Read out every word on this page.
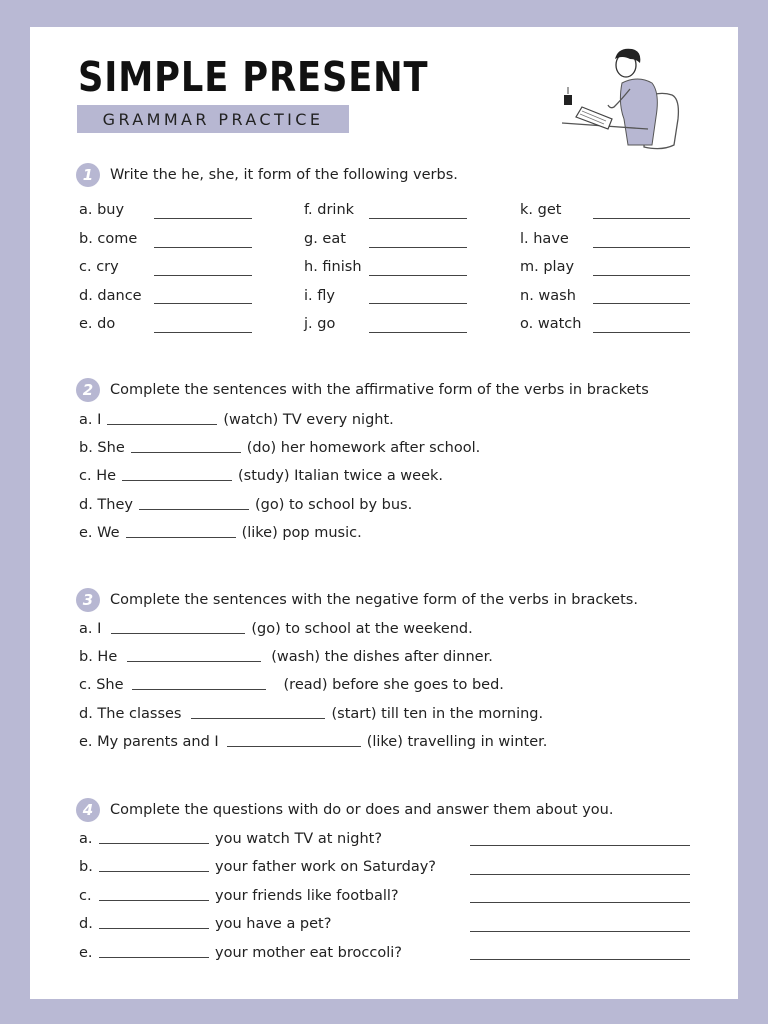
SIMPLE PRESENT
GRAMMAR PRACTICE
1	Write the he, she, it form of the following verbs.
a. buy
b. come
c. cry
d. dance
e. do
f. drink
g. eat
h. finish
i. fly
j. go
k. get
l. have
m. play
n. wash
o. watch
2	Complete the sentences with the affirmative form of the verbs in brackets
a. I	(watch) TV every night.
b. She	(do) her homework after school.
c. He	(study) Italian twice a week.
d. They	(go) to school by bus.
e. We	(like) pop music.
3	Complete the sentences with the negative form of the verbs in brackets.
a. I	(go) to school at the weekend.
b. He	(wash) the dishes after dinner.
c. She	(read) before she goes to bed.
d. The classes	(start) till ten in the morning.
e. My parents and I	(like) travelling in winter.
4	Complete the questions with do or does and answer them about you.
a.	you watch TV at night?
b.	your father work on Saturday?
c.	your friends like football?
d.	you have a pet?
e.	your mother eat broccoli?
